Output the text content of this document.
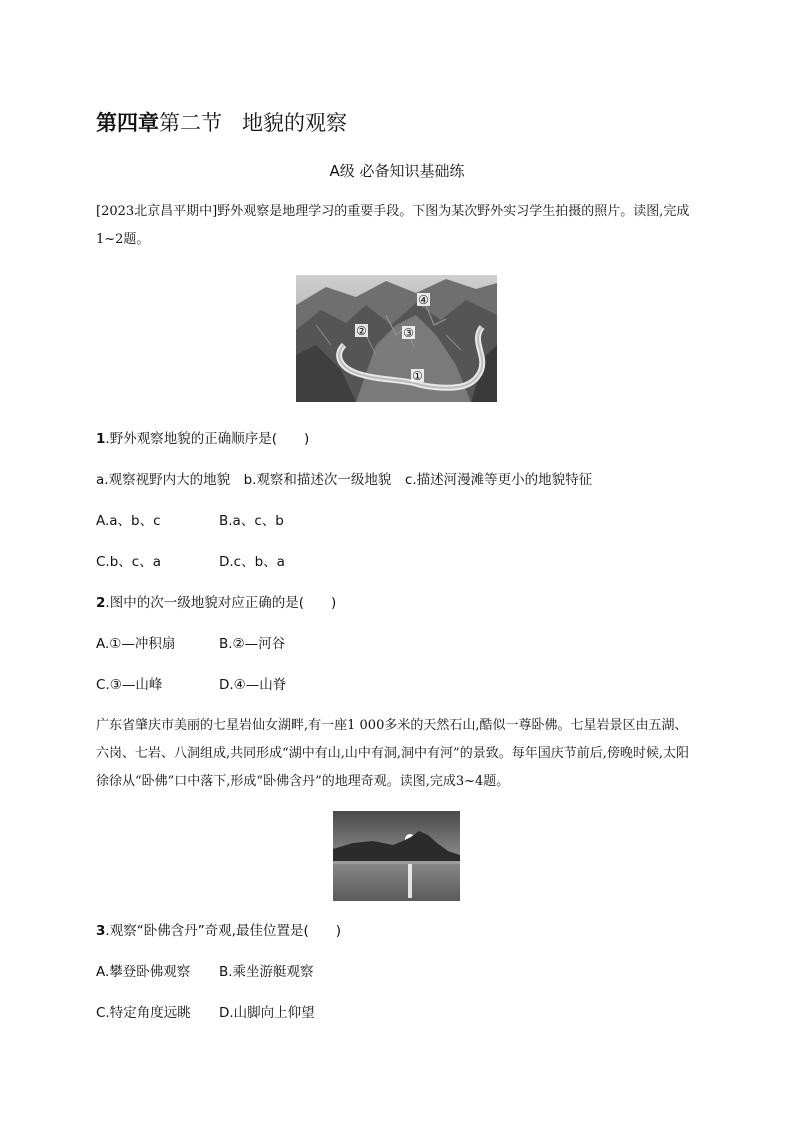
第四章第二节 地貌的观察
A级 必备知识基础练
[2023北京昌平期中]野外观察是地理学习的重要手段。下图为某次野外实习学生拍摄的照片。读图,完成1~2题。
④
②	③
①
1.野外观察地貌的正确顺序是(　　)
a.观察视野内大的地貌　b.观察和描述次一级地貌　c.描述河漫滩等更小的地貌特征
A.a、b、c	B.a、c、b
C.b、c、a	D.c、b、a
2.图中的次一级地貌对应正确的是(　　)
A.①—冲积扇	B.②—河谷
C.③—山峰	D.④—山脊
广东省肇庆市美丽的七星岩仙女湖畔,有一座1 000多米的天然石山,酷似一尊卧佛。七星岩景区由五湖、六岗、七岩、八洞组成,共同形成“湖中有山,山中有洞,洞中有河”的景致。每年国庆节前后,傍晚时候,太阳徐徐从“卧佛”口中落下,形成“卧佛含丹”的地理奇观。读图,完成3~4题。
3.观察“卧佛含丹”奇观,最佳位置是(　　)
A.攀登卧佛观察 B.乘坐游艇观察
C.特定角度远眺 D.山脚向上仰望
